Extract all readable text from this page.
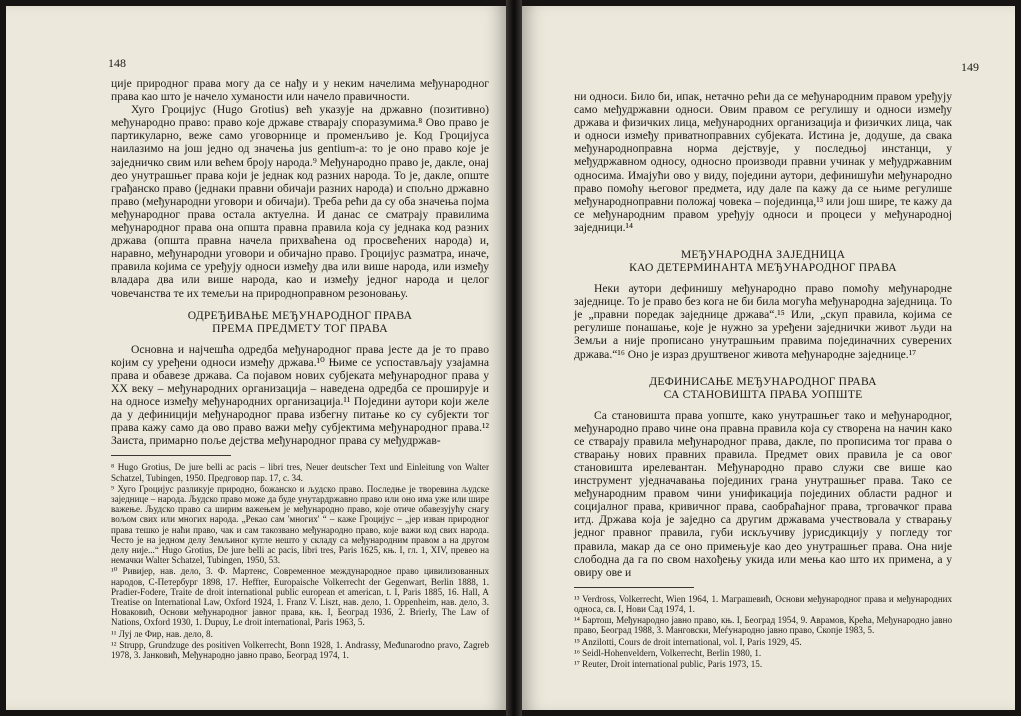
148

ције природног права могу да се нађу и у неким начелима међународног права као што је начело хуманости или начело правичности.

Хуго Гроцијус (Hugo Grotius) већ указује на државно (позитивно) међународно право: право које државе стварају споразумима.⁸ Ово право је партикуларно, веже само уговорнице и променљиво је. Код Гроцијуса наилазимо на још једно од значења jus gentium-а: то је оно право које је заједничко свим или већем броју народа.⁹ Међународно право је, дакле, онај део унутрашњег права који је једнак код разних народа. То је, дакле, опште грађанско право (једнаки правни обичаји разних народа) и спољно државно право (међународни уговори и обичаји). Треба рећи да су оба значења појма међународног права остала актуелна. И данас се сматрају правилима међународног права она општа правна правила која су једнака код разних држава (општа правна начела прихваћена од просвећених народа) и, наравно, међународни уговори и обичајно право. Гроцијус разматра, иначе, правила којима се уређују односи између два или више народа, или између владара два или више народа, као и између једног народа и целог човечанства те их темељи на природноправном резоновању.

ОДРЕЂИВАЊЕ МЕЂУНАРОДНОГ ПРАВА
ПРЕМА ПРЕДМЕТУ ТОГ ПРАВА

Основна и најчешћа одредба међународног права јесте да је то право којим су уређени односи између држава.¹⁰ Њиме се успостављају узајамна права и обавезе држава. Са појавом нових субјеката међународног права у XX веку – међународних организација – наведена одредба се проширује и на односе између међународних организација.¹¹ Поједини аутори који желе да у дефиницији међународног права избегну питање ко су субјекти тог права кажу само да ово право важи међу субјектима међународног права.¹² Заиста, примарно поље дејства међународног права су међудржав-

⁸ Hugo Grotius, De jure belli ac pacis – libri tres, Neuer deutscher Text und Einleitung von Walter Schatzel, Tubingen, 1950. Предговор пар. 17, с. 34.

⁹ Хуго Гроцијус разликује природно, божанско и људско право. Последње је творевина људске заједнице – народа. Људско право може да буде унутардржавно право или оно има уже или шире важење. Људско право са ширим важењем је међународно право, које отиче обавезујућу снагу вољом свих или многих народа. „Рекао сам 'многих' “ – каже Гроцијус – „јер изван природног права тешко је наћи право, чак и сам такозвано међународно право, које важи код свих народа. Често је на једном делу Земљиног кугле нешто у складу са међународним правом а на другом делу није...“ Hugo Grotius, De jure belli ac pacis, libri tres, Paris 1625, књ. I, гл. 1, XIV, превео на немачки Walter Schatzel, Tubingen, 1950, 53.

¹⁰ Ривијер, нав. дело, 3. Ф. Мартенс, Современное международное право цивилизованных народов, С-Петербург 1898, 17. Heffter, Europaische Volkerrecht der Gegenwart, Berlin 1888, 1. Pradier-Fodere, Traite de droit international public european et american, t. I, Paris 1885, 16. Hall, A Treatise on International Law, Oxford 1924, 1. Franz V. Liszt, нав. дело, 1. Oppenheim, нав. дело, 3. Новаковић, Основи међународног јавног права, књ. I, Београд 1936, 2. Brierly, The Law of Nations, Oxford 1930, 1. Dupuy, Le droit international, Paris 1963, 5.

¹¹ Луј ле Фир, нав. дело, 8.

¹² Strupp, Grundzuge des positiven Volkerrecht, Bonn 1928, 1. Andrassy, Međunarodno pravo, Zagreb 1978, 3. Јанковић, Међународно јавно право, Београд 1974, 1.

149

ни односи. Било би, ипак, нетачно рећи да се међународним правом уређују само међудржавни односи. Овим правом се регулишу и односи између држава и физичких лица, међународних организација и физичких лица, чак и односи између приватноправних субјеката. Истина је, додуше, да свака међународноправна норма дејствује, у последњој инстанци, у међудржавном односу, односно производи правни учинак у међудржавним односима. Имајући ово у виду, поједини аутори, дефинишући међународно право помоћу његовог предмета, иду дале па кажу да се њиме регулише међународноправни положај човека – појединца,¹³ или још шире, те кажу да се међународним правом уређују односи и процеси у међународној заједници.¹⁴

МЕЂУНАРОДНА ЗАЈЕДНИЦА
КАО ДЕТЕРМИНАНТА МЕЂУНАРОДНОГ ПРАВА

Неки аутори дефинишу међународно право помоћу међународне заједнице. То је право без кога не би била могућа међународна заједница. То је „правни поредак заједнице држава“.¹⁵ Или, „скуп правила, којима се регулише понашање, које је нужно за уређени заједнички живот људи на Земљи а није прописано унутрашњим правима појединачних суверених држава.“¹⁶ Оно је израз друштвеног живота међународне заједнице.¹⁷

ДЕФИНИСАЊЕ МЕЂУНАРОДНОГ ПРАВА
СА СТАНОВИШТА ПРАВА УОПШТЕ

Са становишта права уопште, како унутрашњег тако и међународног, међународно право чине она правна правила која су створена на начин како се стварају правила међународног права, дакле, по прописима тог права о стварању нових правних правила. Предмет ових правила је са овог становишта ирелевантан. Међународно право служи све више као инструмент уједначавања појединих грана унутрашњег права. Тако се међународним правом чини унификација појединих области радног и социјалног права, кривичног права, саобраћајног права, трговачког права итд. Држава која је заједно са другим државама учествовала у стварању једног правног правила, губи искључиву јурисдикцију у погледу тог правила, макар да се оно примењује као део унутрашњег права. Она није слободна да га по свом нахођењу укида или мења као што их примена, а у овиру ове и

¹³ Verdross, Volkerrecht, Wien 1964, 1. Маграшевић, Основи међународног права и међународних односа, св. I, Нови Сад 1974, 1.

¹⁴ Бартош, Међународно јавно право, књ. I, Београд 1954, 9. Аврамов, Крећа, Међународно јавно право, Београд 1988, 3. Манговски, Меѓународно јавно право, Скопје 1983, 5.

¹⁵ Anzilotti, Cours de droit international, vol. I, Paris 1929, 45.

¹⁶ Seidl-Hohenveldern, Volkerrecht, Berlin 1980, 1.

¹⁷ Reuter, Droit international public, Paris 1973, 15.
